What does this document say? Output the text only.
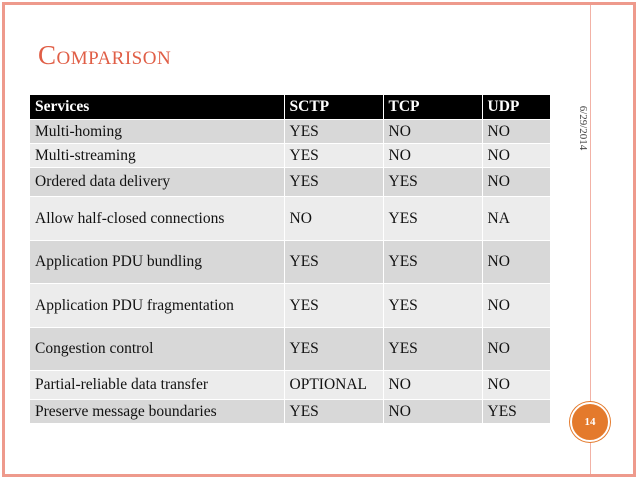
Comparison
6/29/2014
14
Services	SCTP	TCP	UDP
Multi-homing	YES	NO	NO
Multi-streaming	YES	NO	NO
Ordered data delivery	YES	YES	NO
Allow half-closed connections	NO	YES	NA
Application PDU bundling	YES	YES	NO
Application PDU fragmentation	YES	YES	NO
Congestion control	YES	YES	NO
Partial-reliable data transfer	OPTIONAL	NO	NO
Preserve message boundaries	YES	NO	YES
